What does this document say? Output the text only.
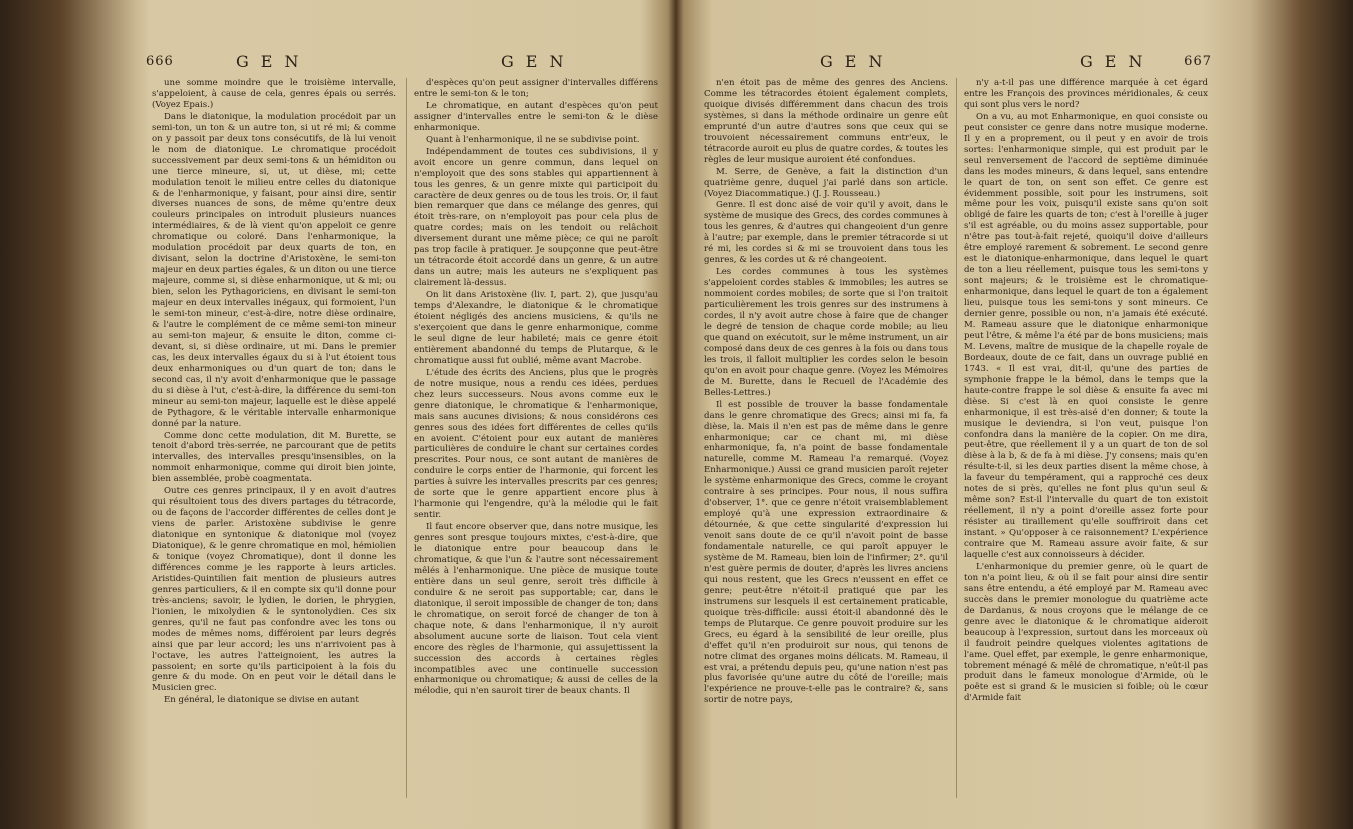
666	GEN	GEN

une somme moindre que le troisième intervalle, s'appeloient, à cause de cela, genres épais ou serrés. (Voyez Epais.)

Dans le diatonique, la modulation procédoit par un semi-ton, un ton & un autre ton, si ut ré mi; & comme on y passoit par deux tons consécutifs, de là lui venoit le nom de diatonique. Le chromatique procédoit successivement par deux semi-tons & un hémiditon ou une tierce mineure, si, ut, ut dièse, mi; cette modulation tenoit le milieu entre celles du diatonique & de l'enharmonique, y faisant, pour ainsi dire, sentir diverses nuances de sons, de même qu'entre deux couleurs principales on introduit plusieurs nuances intermédiaires, & de là vient qu'on appeloit ce genre chromatique ou coloré. Dans l'enharmonique, la modulation procédoit par deux quarts de ton, en divisant, selon la doctrine d'Aristoxène, le semi-ton majeur en deux parties égales, & un diton ou une tierce majeure, comme si, si dièse enharmonique, ut & mi; ou bien, selon les Pythagoriciens, en divisant le semi-ton majeur en deux intervalles inégaux, qui formoient, l'un le semi-ton mineur, c'est-à-dire, notre dièse ordinaire, & l'autre le complément de ce même semi-ton mineur au semi-ton majeur, & ensuite le diton, comme ci-devant, si, si dièse ordinaire, ut mi. Dans le premier cas, les deux intervalles égaux du si à l'ut étoient tous deux enharmoniques ou d'un quart de ton; dans le second cas, il n'y avoit d'enharmonique que le passage du si dièse à l'ut, c'est-à-dire, la différence du semi-ton mineur au semi-ton majeur, laquelle est le dièse appelé de Pythagore, & le véritable intervalle enharmonique donné par la nature.

Comme donc cette modulation, dit M. Burette, se tenoit d'abord très-serrée, ne parcourant que de petits intervalles, des intervalles presqu'insensibles, on la nommoit enharmonique, comme qui diroit bien jointe, bien assemblée, probè coagmentata.

Outre ces genres principaux, il y en avoit d'autres qui résultoient tous des divers partages du tétracorde, ou de façons de l'accorder différentes de celles dont je viens de parler. Aristoxène subdivise le genre diatonique en syntonique & diatonique mol (voyez Diatonique), & le genre chromatique en mol, hémiolien & tonique (voyez Chromatique), dont il donne les différences comme je les rapporte à leurs articles. Aristides-Quintilien fait mention de plusieurs autres genres particuliers, & il en compte six qu'il donne pour très-anciens; savoir, le lydien, le dorien, le phrygien, l'ionien, le mixolydien & le syntonolydien. Ces six genres, qu'il ne faut pas confondre avec les tons ou modes de mêmes noms, différoient par leurs degrés ainsi que par leur accord; les uns n'arrivoient pas à l'octave, les autres l'atteignoient, les autres la passoient; en sorte qu'ils participoient à la fois du genre & du mode. On en peut voir le détail dans le Musicien grec.

En général, le diatonique se divise en autant

d'espèces qu'on peut assigner d'intervalles différens entre le semi-ton & le ton;

Le chromatique, en autant d'espèces qu'on peut assigner d'intervalles entre le semi-ton & le dièse enharmonique.

Quant à l'enharmonique, il ne se subdivise point.

Indépendamment de toutes ces subdivisions, il y avoit encore un genre commun, dans lequel on n'employoit que des sons stables qui appartiennent à tous les genres, & un genre mixte qui participoit du caractère de deux genres ou de tous les trois. Or, il faut bien remarquer que dans ce mélange des genres, qui étoit très-rare, on n'employoit pas pour cela plus de quatre cordes; mais on les tendoit ou relâchoit diversement durant une même pièce; ce qui ne paroît pas trop facile à pratiquer. Je soupçonne que peut-être un tétracorde étoit accordé dans un genre, & un autre dans un autre; mais les auteurs ne s'expliquent pas clairement là-dessus.

On lit dans Aristoxène (liv. I, part. 2), que jusqu'au temps d'Alexandre, le diatonique & le chromatique étoient négligés des anciens musiciens, & qu'ils ne s'exerçoient que dans le genre enharmonique, comme le seul digne de leur habileté; mais ce genre étoit entièrement abandonné du temps de Plutarque, & le chromatique aussi fut oublié, même avant Macrobe.

L'étude des écrits des Anciens, plus que le progrès de notre musique, nous a rendu ces idées, perdues chez leurs successeurs. Nous avons comme eux le genre diatonique, le chromatique & l'enharmonique, mais sans aucunes divisions; & nous considérons ces genres sous des idées fort différentes de celles qu'ils en avoient. C'étoient pour eux autant de manières particulières de conduire le chant sur certaines cordes prescrites. Pour nous, ce sont autant de manières de conduire le corps entier de l'harmonie, qui forcent les parties à suivre les intervalles prescrits par ces genres; de sorte que le genre appartient encore plus à l'harmonie qui l'engendre, qu'à la mélodie qui le fait sentir.

Il faut encore observer que, dans notre musique, les genres sont presque toujours mixtes, c'est-à-dire, que le diatonique entre pour beaucoup dans le chromatique, & que l'un & l'autre sont nécessairement mêlés à l'enharmonique. Une pièce de musique toute entière dans un seul genre, seroit très difficile à conduire & ne seroit pas supportable; car, dans le diatonique, il seroit impossible de changer de ton; dans le chromatique, on seroit forcé de changer de ton à chaque note, & dans l'enharmonique, il n'y auroit absolument aucune sorte de liaison. Tout cela vient encore des règles de l'harmonie, qui assujettissent la succession des accords à certaines règles incompatibles avec une continuelle succession enharmonique ou chromatique; & aussi de celles de la mélodie, qui n'en sauroit tirer de beaux chants. Il

GEN	GEN 667

n'en étoit pas de même des genres des Anciens. Comme les tétracordes étoient également complets, quoique divisés différemment dans chacun des trois systèmes, si dans la méthode ordinaire un genre eût emprunté d'un autre d'autres sons que ceux qui se trouvoient nécessairement communs entr'eux, le tétracorde auroit eu plus de quatre cordes, & toutes les règles de leur musique auroient été confondues.

M. Serre, de Genève, a fait la distinction d'un quatrième genre, duquel j'ai parlé dans son article. (Voyez Diacommatique.) (J. J. Rousseau.)

Genre. Il est donc aisé de voir qu'il y avoit, dans le système de musique des Grecs, des cordes communes à tous les genres, & d'autres qui changeoient d'un genre à l'autre; par exemple, dans le premier tétracorde si ut ré mi, les cordes si & mi se trouvoient dans tous les genres, & les cordes ut & ré changeoient.

Les cordes communes à tous les systèmes s'appeloient cordes stables & immobiles; les autres se nommoient cordes mobiles; de sorte que si l'on traitoit particulièrement les trois genres sur des instrumens à cordes, il n'y avoit autre chose à faire que de changer le degré de tension de chaque corde mobile; au lieu que quand on exécutoit, sur le même instrument, un air composé dans deux de ces genres à la fois ou dans tous les trois, il falloit multiplier les cordes selon le besoin qu'on en avoit pour chaque genre. (Voyez les Mémoires de M. Burette, dans le Recueil de l'Académie des Belles-Lettres.)

Il est possible de trouver la basse fondamentale dans le genre chromatique des Grecs; ainsi mi fa, fa dièse, la. Mais il n'en est pas de même dans le genre enharmonique; car ce chant mi, mi dièse enharmonique, fa, n'a point de basse fondamentale naturelle, comme M. Rameau l'a remarqué. (Voyez Enharmonique.) Aussi ce grand musicien paroît rejeter le système enharmonique des Grecs, comme le croyant contraire à ses principes. Pour nous, il nous suffira d'observer, 1°. que ce genre n'étoit vraisemblablement employé qu'à une expression extraordinaire & détournée, & que cette singularité d'expression lui venoit sans doute de ce qu'il n'avoit point de basse fondamentale naturelle, ce qui paroît appuyer le système de M. Rameau, bien loin de l'infirmer; 2°. qu'il n'est guère permis de douter, d'après les livres anciens qui nous restent, que les Grecs n'eussent en effet ce genre; peut-être n'étoit-il pratiqué que par les instrumens sur lesquels il est certainement praticable, quoique très-difficile: aussi étoit-il abandonné dès le temps de Plutarque. Ce genre pouvoit produire sur les Grecs, eu égard à la sensibilité de leur oreille, plus d'effet qu'il n'en produiroit sur nous, qui tenons de notre climat des organes moins délicats. M. Rameau, il est vrai, a prétendu depuis peu, qu'une nation n'est pas plus favorisée qu'une autre du côté de l'oreille; mais l'expérience ne prouve-t-elle pas le contraire? &, sans sortir de notre pays,

n'y a-t-il pas une différence marquée à cet égard entre les François des provinces méridionales, & ceux qui sont plus vers le nord?

On a vu, au mot Enharmonique, en quoi consiste ou peut consister ce genre dans notre musique moderne. Il y en a proprement, ou il peut y en avoir de trois sortes: l'enharmonique simple, qui est produit par le seul renversement de l'accord de septième diminuée dans les modes mineurs, & dans lequel, sans entendre le quart de ton, on sent son effet. Ce genre est évidemment possible, soit pour les instrumens, soit même pour les voix, puisqu'il existe sans qu'on soit obligé de faire les quarts de ton; c'est à l'oreille à juger s'il est agréable, ou du moins assez supportable, pour n'être pas tout-à-fait rejeté, quoiqu'il doive d'ailleurs être employé rarement & sobrement. Le second genre est le diatonique-enharmonique, dans lequel le quart de ton a lieu réellement, puisque tous les semi-tons y sont majeurs; & le troisième est le chromatique-enharmonique, dans lequel le quart de ton a également lieu, puisque tous les semi-tons y sont mineurs. Ce dernier genre, possible ou non, n'a jamais été exécuté. M. Rameau assure que le diatonique enharmonique peut l'être, & même l'a été par de bons musiciens; mais M. Levens, maître de musique de la chapelle royale de Bordeaux, doute de ce fait, dans un ouvrage publié en 1743. « Il est vrai, dit-il, qu'une des parties de symphonie frappe le la bémol, dans le temps que la haute-contre frappe le sol dièse & ensuite fa avec mi dièse. Si c'est là en quoi consiste le genre enharmonique, il est très-aisé d'en donner; & toute la musique le deviendra, si l'on veut, puisque l'on confondra dans la manière de la copier. On me dira, peut-être, que réellement il y a un quart de ton de sol dièse à la b, & de fa à mi dièse. J'y consens; mais qu'en résulte-t-il, si les deux parties disent la même chose, à la faveur du tempérament, qui a rapproché ces deux notes de si près, qu'elles ne font plus qu'un seul & même son? Est-il l'intervalle du quart de ton existoit réellement, il n'y a point d'oreille assez forte pour résister au tiraillement qu'elle souffriroit dans cet instant. » Qu'opposer à ce raisonnement? L'expérience contraire que M. Rameau assure avoir faite, & sur laquelle c'est aux connoisseurs à décider.

L'enharmonique du premier genre, où le quart de ton n'a point lieu, & où il se fait pour ainsi dire sentir sans être entendu, a été employé par M. Rameau avec succès dans le premier monologue du quatrième acte de Dardanus, & nous croyons que le mélange de ce genre avec le diatonique & le chromatique aideroit beaucoup à l'expression, surtout dans les morceaux où il faudroit peindre quelques violentes agitations de l'ame. Quel effet, par exemple, le genre enharmonique, tobrement ménagé & mêlé de chromatique, n'eût-il pas produit dans le fameux monologue d'Armide, où le poëte est si grand & le musicien si foible; où le cœur d'Armide fait
